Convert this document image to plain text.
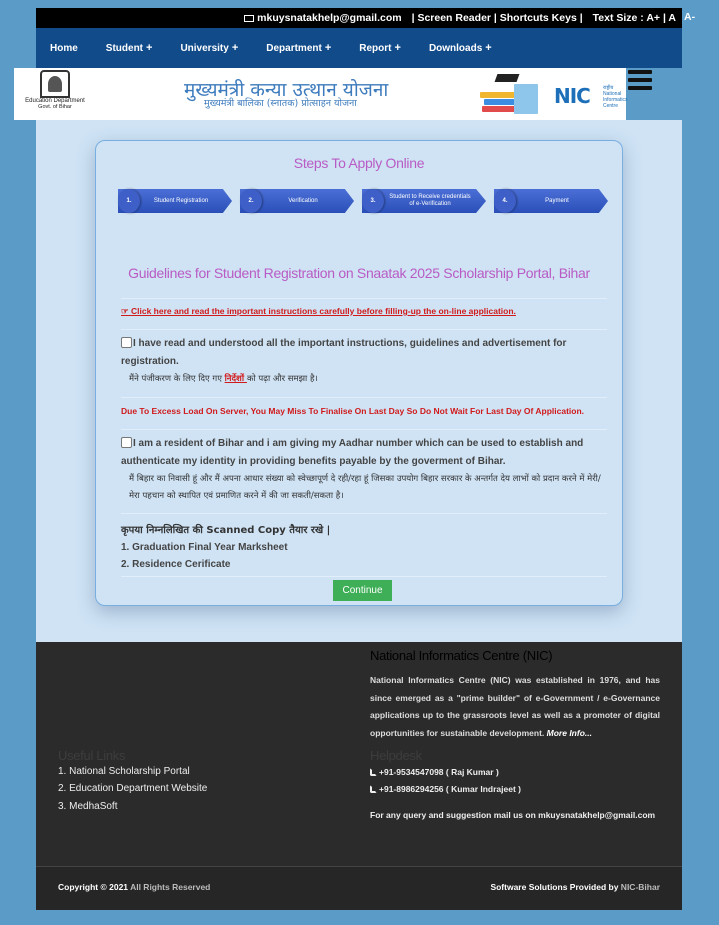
mkuysnatakhelp@gmail.com | Screen Reader | Shortcuts Keys | Text Size : A+ | A A-
Home	Student +	University +	Department +	Report +	Downloads +
Education Department
Govt. of Bihar
मुख्यमंत्री कन्या उत्थान योजना
मुख्यमंत्री बालिका (स्नातक) प्रोत्साहन योजना	NIC	राष्ट्रीय National Informatics Centre
Steps To Apply Online
1.	Student Registration	2.	Verification	3.
Student to Receive credentials of e-Verification	4.	Payment
Guidelines for Student Registration on Snaatak 2025 Scholarship Portal, Bihar
☞ Click here and read the important instructions carefully before filling-up the on-line application.
I have read and understood all the important instructions, guidelines and advertisement for registration.
मैंने पंजीकरण के लिए दिए गए निर्देशों को पढ़ा और समझा है।
Due To Excess Load On Server, You May Miss To Finalise On Last Day So Do Not Wait For Last Day Of Application.
I am a resident of Bihar and i am giving my Aadhar number which can be used to establish and authenticate my identity in providing benefits payable by the goverment of Bihar.
मैं बिहार का निवासी हूं और मैं अपना आधार संख्या को स्वेच्छापूर्ण दे रही/रहा हूं जिसका उपयोग बिहार सरकार के अन्तर्गत देय लाभों को प्रदान करने में मेरी/मेरा पहचान को स्थापित एवं प्रमाणित करने में की जा सकती/सकता है।
कृपया निम्नलिखित की Scanned Copy तैयार रखे |
1. Graduation Final Year Marksheet
2. Residence Cerificate
Continue
National Informatics Centre (NIC)
National Informatics Centre (NIC) was established in 1976, and has since emerged as a "prime builder" of e-Government / e-Governance applications up to the grassroots level as well as a promoter of digital opportunities for sustainable development. More Info...
Useful Links	Helpdesk
1. National Scholarship Portal
2. Education Department Website
3. MedhaSoft
+91-9534547098 ( Raj Kumar )
+91-8986294256 ( Kumar Indrajeet )
For any query and suggestion mail us on mkuysnatakhelp@gmail.com
Copyright © 2021 All Rights Reserved	Software Solutions Provided by NIC-Bihar
